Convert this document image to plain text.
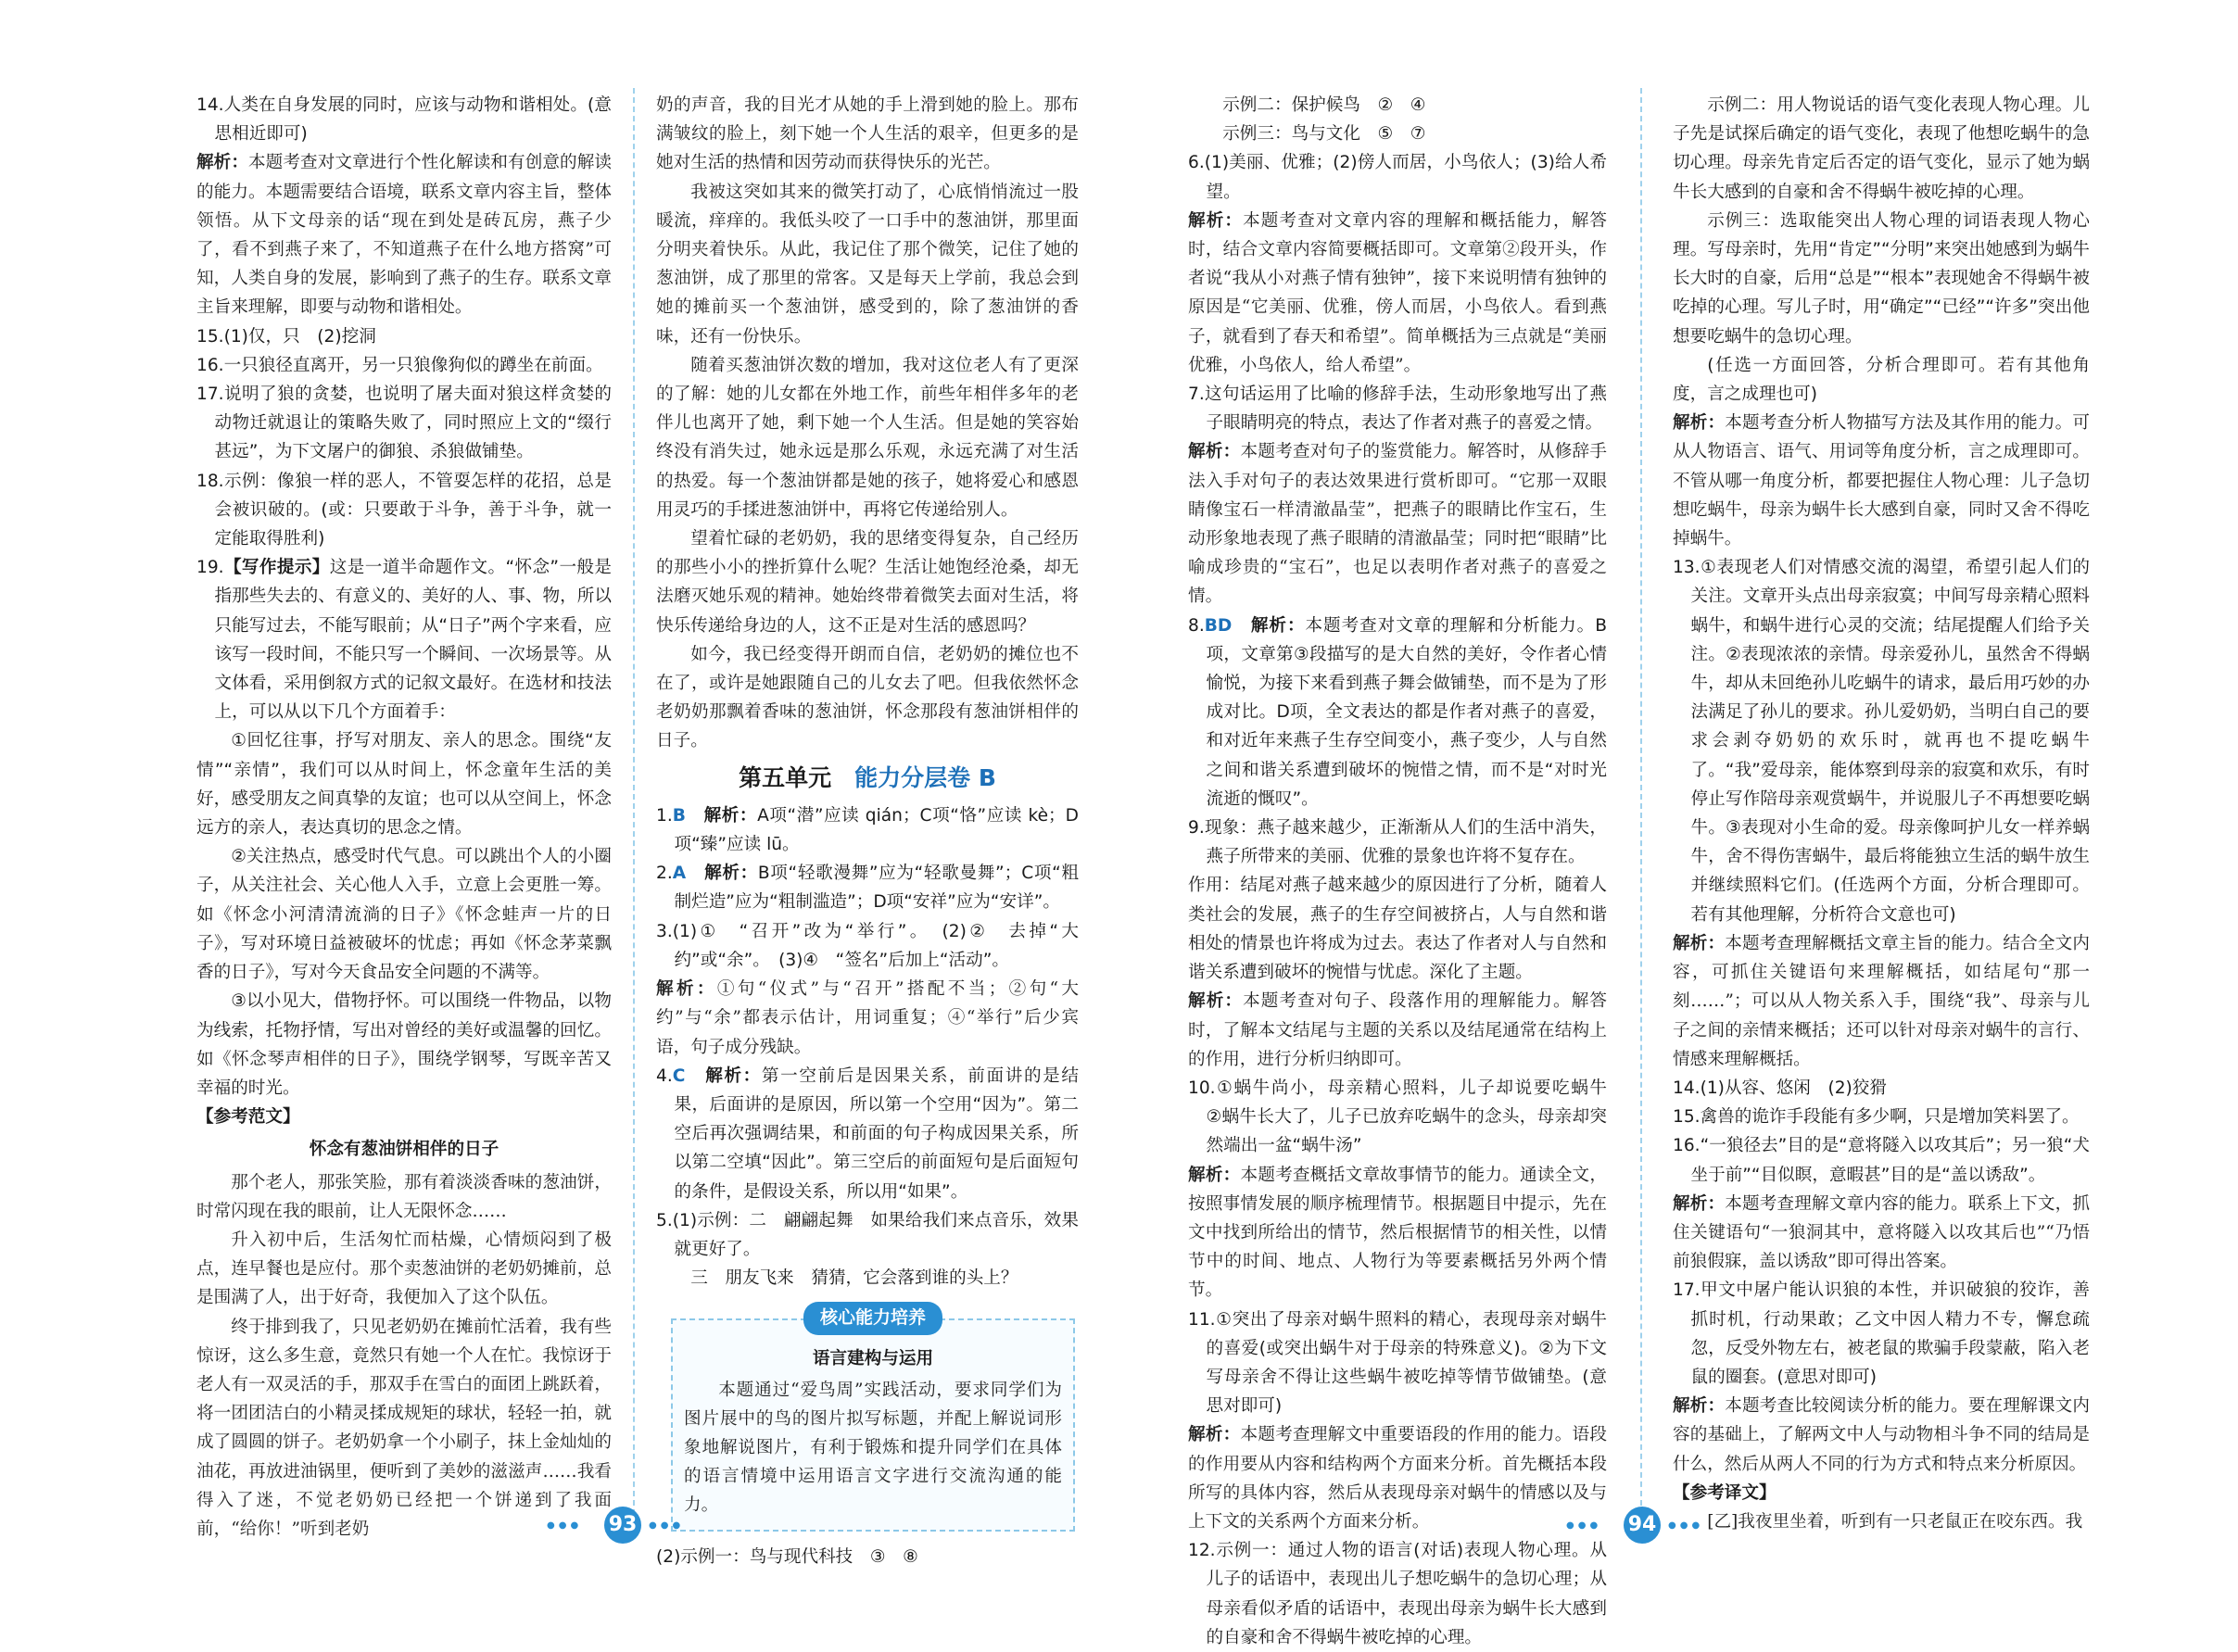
14.人类在自身发展的同时，应该与动物和谐相处。(意思相近即可)

解析：本题考查对文章进行个性化解读和有创意的解读的能力。本题需要结合语境，联系文章内容主旨，整体领悟。从下文母亲的话“现在到处是砖瓦房，燕子少了，看不到燕子来了，不知道燕子在什么地方搭窝”可知，人类自身的发展，影响到了燕子的生存。联系文章主旨来理解，即要与动物和谐相处。

15.(1)仅，只　(2)挖洞

16.一只狼径直离开，另一只狼像狗似的蹲坐在前面。

17.说明了狼的贪婪，也说明了屠夫面对狼这样贪婪的动物迁就退让的策略失败了，同时照应上文的“缀行甚远”，为下文屠户的御狼、杀狼做铺垫。

18.示例：像狼一样的恶人，不管耍怎样的花招，总是会被识破的。(或：只要敢于斗争，善于斗争，就一定能取得胜利)

19.【写作提示】这是一道半命题作文。“怀念”一般是指那些失去的、有意义的、美好的人、事、物，所以只能写过去，不能写眼前；从“日子”两个字来看，应该写一段时间，不能只写一个瞬间、一次场景等。从文体看，采用倒叙方式的记叙文最好。在选材和技法上，可以从以下几个方面着手：

①回忆往事，抒写对朋友、亲人的思念。围绕“友情”“亲情”，我们可以从时间上，怀念童年生活的美好，感受朋友之间真挚的友谊；也可以从空间上，怀念远方的亲人，表达真切的思念之情。

②关注热点，感受时代气息。可以跳出个人的小圈子，从关注社会、关心他人入手，立意上会更胜一筹。如《怀念小河清清流淌的日子》《怀念蛙声一片的日子》，写对环境日益被破坏的忧虑；再如《怀念茅菜飘香的日子》，写对今天食品安全问题的不满等。

③以小见大，借物抒怀。可以围绕一件物品，以物为线索，托物抒情，写出对曾经的美好或温馨的回忆。如《怀念琴声相伴的日子》，围绕学钢琴，写既辛苦又幸福的时光。

【参考范文】

怀念有葱油饼相伴的日子

那个老人，那张笑脸，那有着淡淡香味的葱油饼，时常闪现在我的眼前，让人无限怀念……

升入初中后，生活匆忙而枯燥，心情烦闷到了极点，连早餐也是应付。那个卖葱油饼的老奶奶摊前，总是围满了人，出于好奇，我便加入了这个队伍。

终于排到我了，只见老奶奶在摊前忙活着，我有些惊讶，这么多生意，竟然只有她一个人在忙。我惊讶于老人有一双灵活的手，那双手在雪白的面团上跳跃着，将一团团洁白的小精灵揉成规矩的球状，轻轻一拍，就成了圆圆的饼子。老奶奶拿一个小刷子，抹上金灿灿的油花，再放进油锅里，便听到了美妙的滋滋声……我看得入了迷，不觉老奶奶已经把一个饼递到了我面前，“给你！”听到老奶

奶的声音，我的目光才从她的手上滑到她的脸上。那布满皱纹的脸上，刻下她一个人生活的艰辛，但更多的是她对生活的热情和因劳动而获得快乐的光芒。

我被这突如其来的微笑打动了，心底悄悄流过一股暖流，痒痒的。我低头咬了一口手中的葱油饼，那里面分明夹着快乐。从此，我记住了那个微笑，记住了她的葱油饼，成了那里的常客。又是每天上学前，我总会到她的摊前买一个葱油饼，感受到的，除了葱油饼的香味，还有一份快乐。

随着买葱油饼次数的增加，我对这位老人有了更深的了解：她的儿女都在外地工作，前些年相伴多年的老伴儿也离开了她，剩下她一个人生活。但是她的笑容始终没有消失过，她永远是那么乐观，永远充满了对生活的热爱。每一个葱油饼都是她的孩子，她将爱心和感恩用灵巧的手揉进葱油饼中，再将它传递给别人。

望着忙碌的老奶奶，我的思绪变得复杂，自己经历的那些小小的挫折算什么呢？生活让她饱经沧桑，却无法磨灭她乐观的精神。她始终带着微笑去面对生活，将快乐传递给身边的人，这不正是对生活的感恩吗？

如今，我已经变得开朗而自信，老奶奶的摊位也不在了，或许是她跟随自己的儿女去了吧。但我依然怀念老奶奶那飘着香味的葱油饼，怀念那段有葱油饼相伴的日子。

第五单元　 能力分层卷 B

1.B　 解析：A项“潜”应读 qián；C项“恪”应读 kè；D项“臻”应读 lū。

2.A　 解析：B项“轻歌漫舞”应为“轻歌曼舞”；C项“粗制烂造”应为“粗制滥造”；D项“安祥”应为“安详”。

3.(1)①　“召开”改为“举行”。　(2)②　去掉“大约”或“余”。　(3)④　“签名”后加上“活动”。

解析：①句“仪式”与“召开”搭配不当；②句“大约”与“余”都表示估计，用词重复；④“举行”后少宾语，句子成分残缺。

4.C　 解析：第一空前后是因果关系，前面讲的是结果，后面讲的是原因，所以第一个空用“因为”。第二空后再次强调结果，和前面的句子构成因果关系，所以第二空填“因此”。第三空后的前面短句是后面短句的条件，是假设关系，所以用“如果”。

5.(1)示例：二　翩翩起舞　如果给我们来点音乐，效果就更好了。

三　朋友飞来　猜猜，它会落到谁的头上？

核心能力培养
语言建构与运用

本题通过“爱鸟周”实践活动，要求同学们为图片展中的鸟的图片拟写标题，并配上解说词形象地解说图片，有利于锻炼和提升同学们在具体的语言情境中运用语言文字进行交流沟通的能力。

(2)示例一：鸟与现代科技　③　⑧

示例二：保护候鸟　②　④

示例三：鸟与文化　⑤　⑦

6.(1)美丽、优雅；(2)傍人而居，小鸟依人；(3)给人希望。

解析：本题考查对文章内容的理解和概括能力，解答时，结合文章内容简要概括即可。文章第②段开头，作者说“我从小对燕子情有独钟”，接下来说明情有独钟的原因是“它美丽、优雅，傍人而居，小鸟依人。看到燕子，就看到了春天和希望”。简单概括为三点就是“美丽优雅，小鸟依人，给人希望”。

7.这句话运用了比喻的修辞手法，生动形象地写出了燕子眼睛明亮的特点，表达了作者对燕子的喜爱之情。

解析：本题考查对句子的鉴赏能力。解答时，从修辞手法入手对句子的表达效果进行赏析即可。“它那一双眼睛像宝石一样清澈晶莹”，把燕子的眼睛比作宝石，生动形象地表现了燕子眼睛的清澈晶莹；同时把“眼睛”比喻成珍贵的“宝石”，也足以表明作者对燕子的喜爱之情。

8.BD　 解析：本题考查对文章的理解和分析能力。B项，文章第③段描写的是大自然的美好，令作者心情愉悦，为接下来看到燕子舞会做铺垫，而不是为了形成对比。D项，全文表达的都是作者对燕子的喜爱，和对近年来燕子生存空间变小，燕子变少，人与自然之间和谐关系遭到破坏的惋惜之情，而不是“对时光流逝的慨叹”。

9.现象：燕子越来越少，正渐渐从人们的生活中消失，燕子所带来的美丽、优雅的景象也许将不复存在。

作用：结尾对燕子越来越少的原因进行了分析，随着人类社会的发展，燕子的生存空间被挤占，人与自然和谐相处的情景也许将成为过去。表达了作者对人与自然和谐关系遭到破坏的惋惜与忧虑。深化了主题。

解析：本题考查对句子、段落作用的理解能力。解答时，了解本文结尾与主题的关系以及结尾通常在结构上的作用，进行分析归纳即可。

10.①蜗牛尚小，母亲精心照料，儿子却说要吃蜗牛　②蜗牛长大了，儿子已放弃吃蜗牛的念头，母亲却突然端出一盆“蜗牛汤”

解析：本题考查概括文章故事情节的能力。通读全文，按照事情发展的顺序梳理情节。根据题目中提示，先在文中找到所给出的情节，然后根据情节的相关性，以情节中的时间、地点、人物行为等要素概括另外两个情节。

11.①突出了母亲对蜗牛照料的精心，表现母亲对蜗牛的喜爱(或突出蜗牛对于母亲的特殊意义)。②为下文写母亲舍不得让这些蜗牛被吃掉等情节做铺垫。(意思对即可)

解析：本题考查理解文中重要语段的作用的能力。语段的作用要从内容和结构两个方面来分析。首先概括本段所写的具体内容，然后从表现母亲对蜗牛的情感以及与上下文的关系两个方面来分析。

12.示例一：通过人物的语言(对话)表现人物心理。从儿子的话语中，表现出儿子想吃蜗牛的急切心理；从母亲看似矛盾的话语中，表现出母亲为蜗牛长大感到的自豪和舍不得蜗牛被吃掉的心理。

示例二：用人物说话的语气变化表现人物心理。儿子先是试探后确定的语气变化，表现了他想吃蜗牛的急切心理。母亲先肯定后否定的语气变化，显示了她为蜗牛长大感到的自豪和舍不得蜗牛被吃掉的心理。

示例三：选取能突出人物心理的词语表现人物心理。写母亲时，先用“肯定”“分明”来突出她感到为蜗牛长大时的自豪，后用“总是”“根本”表现她舍不得蜗牛被吃掉的心理。写儿子时，用“确定”“已经”“许多”突出他想要吃蜗牛的急切心理。

(任选一方面回答，分析合理即可。若有其他角度，言之成理也可)

解析：本题考查分析人物描写方法及其作用的能力。可从人物语言、语气、用词等角度分析，言之成理即可。不管从哪一角度分析，都要把握住人物心理：儿子急切想吃蜗牛，母亲为蜗牛长大感到自豪，同时又舍不得吃掉蜗牛。

13.①表现老人们对情感交流的渴望，希望引起人们的关注。文章开头点出母亲寂寞；中间写母亲精心照料蜗牛，和蜗牛进行心灵的交流；结尾提醒人们给予关注。②表现浓浓的亲情。母亲爱孙儿，虽然舍不得蜗牛，却从未回绝孙儿吃蜗牛的请求，最后用巧妙的办法满足了孙儿的要求。孙儿爱奶奶，当明白自己的要求会剥夺奶奶的欢乐时，就再也不提吃蜗牛了。“我”爱母亲，能体察到母亲的寂寞和欢乐，有时停止写作陪母亲观赏蜗牛，并说服儿子不再想要吃蜗牛。③表现对小生命的爱。母亲像呵护儿女一样养蜗牛，舍不得伤害蜗牛，最后将能独立生活的蜗牛放生并继续照料它们。(任选两个方面，分析合理即可。若有其他理解，分析符合文意也可)

解析：本题考查理解概括文章主旨的能力。结合全文内容，可抓住关键语句来理解概括，如结尾句“那一刻……”；可以从人物关系入手，围绕“我”、母亲与儿子之间的亲情来概括；还可以针对母亲对蜗牛的言行、情感来理解概括。

14.(1)从容、悠闲　(2)狡猾

15.禽兽的诡诈手段能有多少啊，只是增加笑料罢了。

16.“一狼径去”目的是“意将隧入以攻其后”；另一狼“犬坐于前”“目似瞑，意暇甚”目的是“盖以诱敌”。

解析：本题考查理解文章内容的能力。联系上下文，抓住关键语句“一狼洞其中，意将隧入以攻其后也”“乃悟前狼假寐，盖以诱敌”即可得出答案。

17.甲文中屠户能认识狼的本性，并识破狼的狡诈，善抓时机，行动果敢；乙文中因人精力不专，懈怠疏忽，反受外物左右，被老鼠的欺骗手段蒙蔽，陷入老鼠的圈套。(意思对即可)

解析：本题考查比较阅读分析的能力。要在理解课文内容的基础上，了解两文中人与动物相斗争不同的结局是什么，然后从两人不同的行为方式和特点来分析原因。

【参考译文】

[乙]我夜里坐着，听到有一只老鼠正在咬东西。我

●●● 93	●●●	●●● 94	●●●
